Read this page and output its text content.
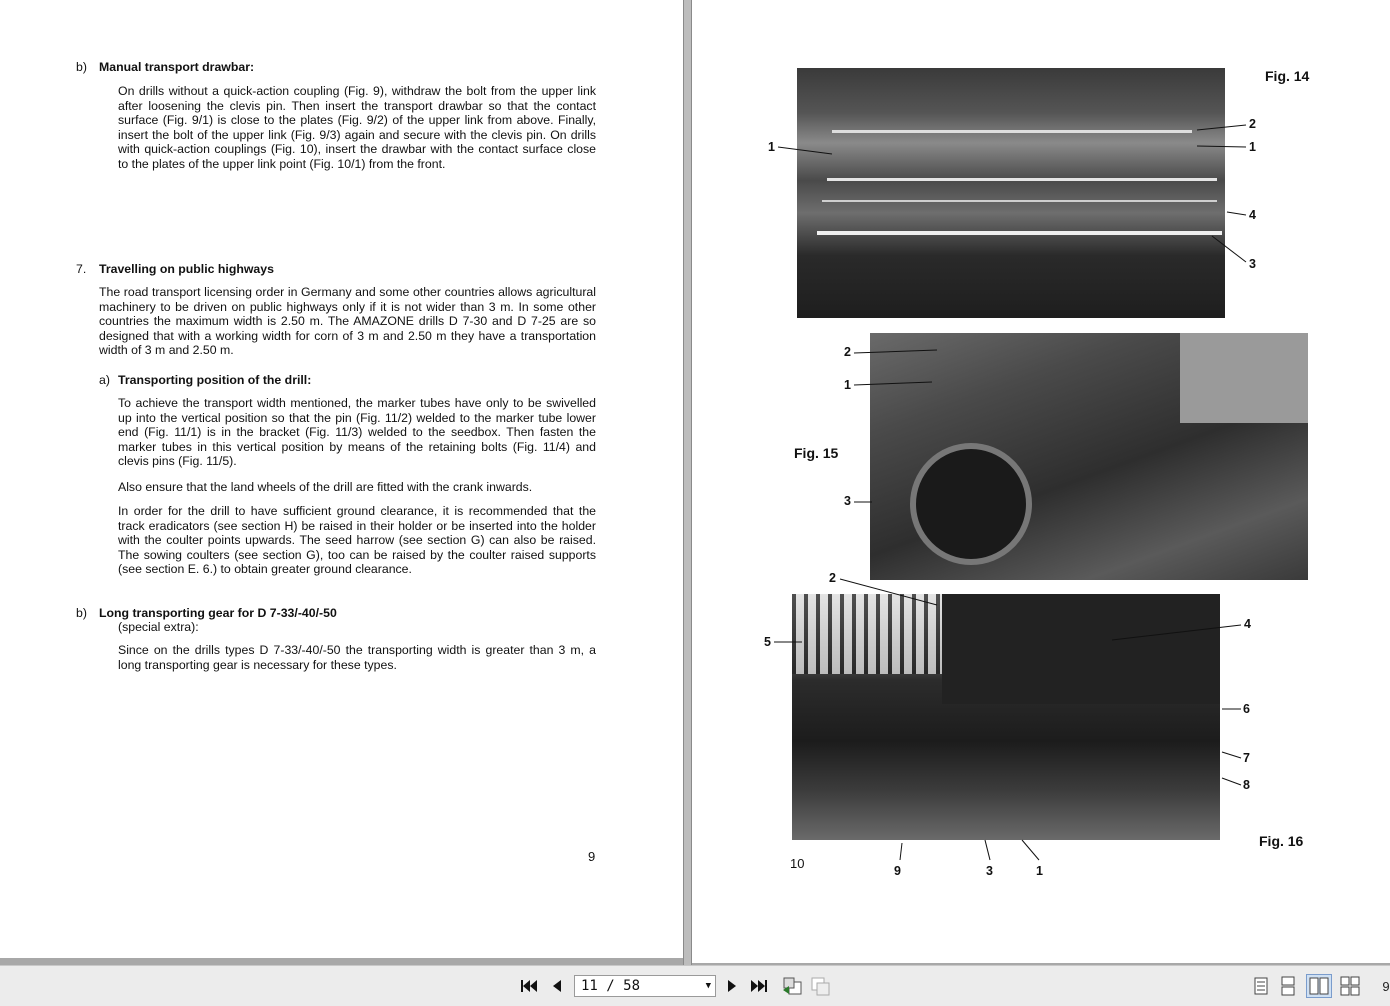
b) Manual transport drawbar:
On drills without a quick-action coupling (Fig. 9), withdraw the bolt from the upper link after loosening the clevis pin. Then insert the transport drawbar so that the contact surface (Fig. 9/1) is close to the plates (Fig. 9/2) of the upper link from above. Finally, insert the bolt of the upper link (Fig. 9/3) again and secure with the clevis pin. On drills with quick-action couplings (Fig. 10), insert the drawbar with the contact surface close to the plates of the upper link point (Fig. 10/1) from the front.
7. Travelling on public highways
The road transport licensing order in Germany and some other countries allows agricultural machinery to be driven on public highways only if it is not wider than 3 m. In some other countries the maximum width is 2.50 m. The AMAZONE drills D 7-30 and D 7-25 are so designed that with a working width for corn of 3 m and 2.50 m they have a transportation width of 3 m and 2.50 m.
a) Transporting position of the drill:
To achieve the transport width mentioned, the marker tubes have only to be swivelled up into the vertical position so that the pin (Fig. 11/2) welded to the marker tube lower end (Fig. 11/1) is in the bracket (Fig. 11/3) welded to the seedbox. Then fasten the marker tubes in this vertical position by means of the retaining bolts (Fig. 11/4) and clevis pins (Fig. 11/5).
Also ensure that the land wheels of the drill are fitted with the crank inwards.
In order for the drill to have sufficient ground clearance, it is recommended that the track eradicators (see section H) be raised in their holder or be inserted into the holder with the coulter points upwards. The seed harrow (see section G) can also be raised. The sowing coulters (see section G), too can be raised by the coulter raised supports (see section E. 6.) to obtain greater ground clearance.
b) Long transporting gear for D 7-33/-40/-50
(special extra):
Since on the drills types D 7-33/-40/-50 the transporting width is greater than 3 m, a long transporting gear is necessary for these types.
9
Fig. 14
1
2
1
4
3
Fig. 15
2
1
3
Fig. 16
2
5
4
6
7
8
9	3	1
10
11 / 58	▼	9
